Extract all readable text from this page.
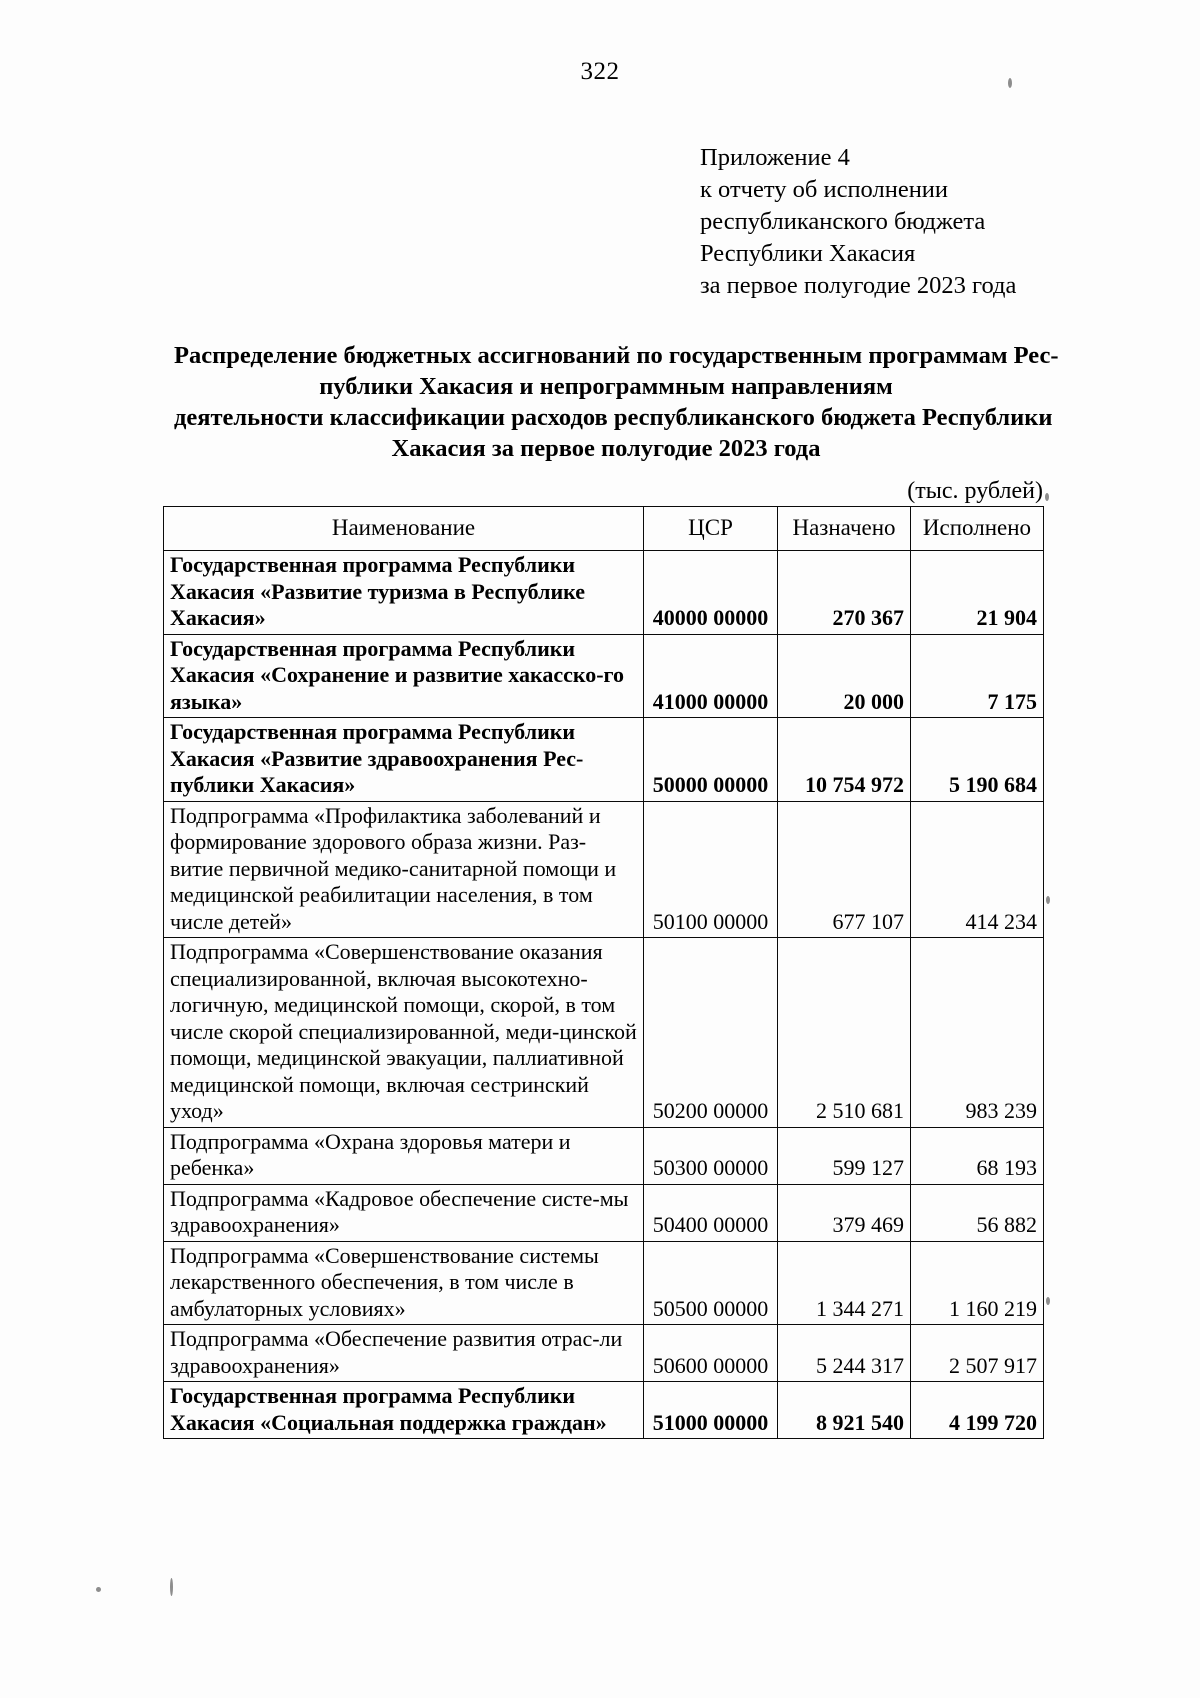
322
Приложение 4
к отчету об исполнении
республиканского бюджета
Республики Хакасия
за первое полугодие 2023 года
Распределение бюджетных ассигнований по государственным программам Рес-
публики Хакасия и непрограммным направлениям
деятельности классификации расходов республиканского бюджета Республики
Хакасия за первое полугодие 2023 года
(тыс. рублей)
Наименование	ЦСР	Назначено	Исполнено
Государственная программа Республики Хакасия «Развитие туризма в Республике Хакасия»	40000 00000	270 367	21 904
Государственная программа Республики Хакасия «Сохранение и развитие хакасско-го языка»	41000 00000	20 000	7 175
Государственная программа Республики Хакасия «Развитие здравоохранения Рес-публики Хакасия»	50000 00000	10 754 972	5 190 684
Подпрограмма «Профилактика заболеваний и формирование здорового образа жизни. Раз-витие первичной медико-санитарной помощи и медицинской реабилитации населения, в том числе детей»	50100 00000	677 107	414 234
Подпрограмма «Совершенствование оказания специализированной, включая высокотехно-логичную, медицинской помощи, скорой, в том числе скорой специализированной, меди-цинской помощи, медицинской эвакуации, паллиативной медицинской помощи, включая сестринский уход»	50200 00000	2 510 681	983 239
Подпрограмма «Охрана здоровья матери и ребенка»	50300 00000	599 127	68 193
Подпрограмма «Кадровое обеспечение систе-мы здравоохранения»	50400 00000	379 469	56 882
Подпрограмма «Совершенствование системы лекарственного обеспечения, в том числе в амбулаторных условиях»	50500 00000	1 344 271	1 160 219
Подпрограмма «Обеспечение развития отрас-ли здравоохранения»	50600 00000	5 244 317	2 507 917
Государственная программа Республики Хакасия «Социальная поддержка граждан»	51000 00000	8 921 540	4 199 720
